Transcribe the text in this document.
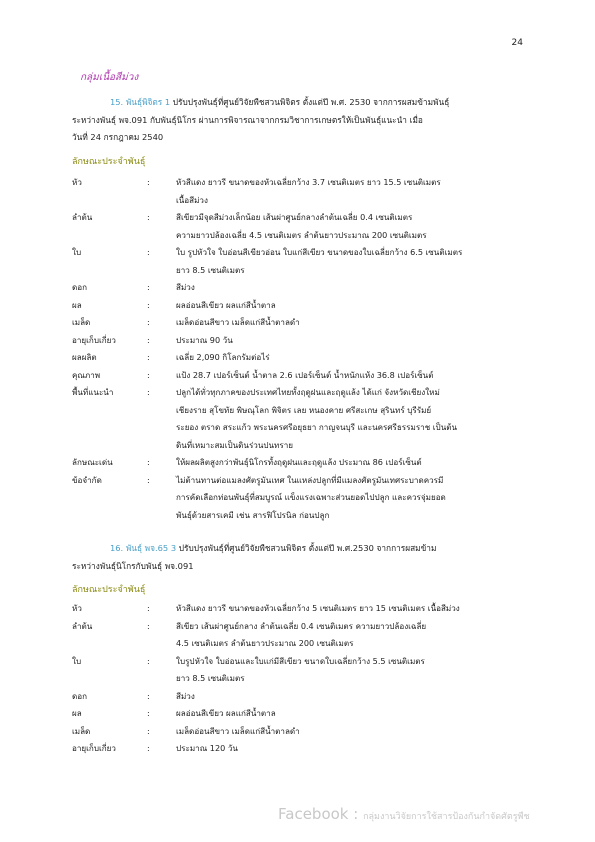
24
กลุ่มเนื้อสีม่วง
15. พันธุ์พิจิตร 1 ปรับปรุงพันธุ์ที่ศูนย์วิจัยพืชสวนพิจิตร ตั้งแต่ปี พ.ศ. 2530 จากการผสมข้ามพันธุ์
ระหว่างพันธุ์ พจ.091 กับพันธุ์นิโกร ผ่านการพิจารณาจากกรมวิชาการเกษตรให้เป็นพันธุ์แนะนำ เมื่อ
วันที่ 24 กรกฎาคม 2540
ลักษณะประจำพันธุ์
หัว	:	หัวสีแดง ยาวรี ขนาดของหัวเฉลี่ยกว้าง 3.7 เซนติเมตร ยาว 15.5 เซนติเมตร
เนื้อสีม่วง
ลำต้น	:	สีเขียวมีจุดสีม่วงเล็กน้อย เส้นผ่าศูนย์กลางลำต้นเฉลี่ย 0.4 เซนติเมตร
ความยาวปล้องเฉลี่ย 4.5 เซนติเมตร ลำต้นยาวประมาณ 200 เซนติเมตร
ใบ	:	ใบ รูปหัวใจ ใบอ่อนสีเขียวอ่อน ใบแก่สีเขียว ขนาดของใบเฉลี่ยกว้าง 6.5 เซนติเมตร
ยาว 8.5 เซนติเมตร
ดอก	:	สีม่วง
ผล	:	ผลอ่อนสีเขียว ผลแก่สีน้ำตาล
เมล็ด	:	เมล็ดอ่อนสีขาว เมล็ดแก่สีน้ำตาลดำ
อายุเก็บเกี่ยว	:	ประมาณ 90 วัน
ผลผลิต	:	เฉลี่ย 2,090 กิโลกรัมต่อไร่
คุณภาพ	:	แป้ง 28.7 เปอร์เซ็นต์ น้ำตาล 2.6 เปอร์เซ็นต์ น้ำหนักแห้ง 36.8 เปอร์เซ็นต์
พื้นที่แนะนำ	:	ปลูกได้ทั่วทุกภาคของประเทศไทยทั้งฤดูฝนและฤดูแล้ง ได้แก่ จังหวัดเชียงใหม่
เชียงราย สุโขทัย พิษณุโลก พิจิตร เลย หนองคาย ศรีสะเกษ สุรินทร์ บุรีรัมย์
ระยอง ตราด สระแก้ว พระนครศรีอยุธยา กาญจนบุรี และนครศรีธรรมราช เป็นต้น
ดินที่เหมาะสมเป็นดินร่วนปนทราย
ลักษณะเด่น	:	ให้ผลผลิตสูงกว่าพันธุ์นิโกรทั้งฤดูฝนและฤดูแล้ง ประมาณ 86 เปอร์เซ็นต์
ข้อจำกัด	:	ไม่ต้านทานต่อแมลงศัตรูมันเทศ ในแหล่งปลูกที่มีแมลงศัตรูมันเทศระบาดควรมี
การคัดเลือกท่อนพันธุ์ที่สมบูรณ์ แข็งแรงเฉพาะส่วนยอดไปปลูก และควรจุ่มยอด
พันธุ์ด้วยสารเคมี เช่น สารฟิโปรนิล ก่อนปลูก
16. พันธุ์ พจ.65 3 ปรับปรุงพันธุ์ที่ศูนย์วิจัยพืชสวนพิจิตร ตั้งแต่ปี พ.ศ.2530 จากการผสมข้าม
ระหว่างพันธุ์นิโกรกับพันธุ์ พจ.091
ลักษณะประจำพันธุ์
หัว	:	หัวสีแดง ยาวรี ขนาดของหัวเฉลี่ยกว้าง 5 เซนติเมตร ยาว 15 เซนติเมตร เนื้อสีม่วง
ลำต้น	:	สีเขียว เส้นผ่าศูนย์กลาง ลำต้นเฉลี่ย 0.4 เซนติเมตร ความยาวปล้องเฉลี่ย
4.5 เซนติเมตร ลำต้นยาวประมาณ 200 เซนติเมตร
ใบ	:	ใบรูปหัวใจ ใบอ่อนและใบแก่มีสีเขียว ขนาดใบเฉลี่ยกว้าง 5.5 เซนติเมตร
ยาว 8.5 เซนติเมตร
ดอก	:	สีม่วง
ผล	:	ผลอ่อนสีเขียว ผลแก่สีน้ำตาล
เมล็ด	:	เมล็ดอ่อนสีขาว เมล็ดแก่สีน้ำตาลดำ
อายุเก็บเกี่ยว	:	ประมาณ 120 วัน
Facebook : กลุ่มงานวิจัยการใช้สารป้องกันกำจัดศัตรูพืช
